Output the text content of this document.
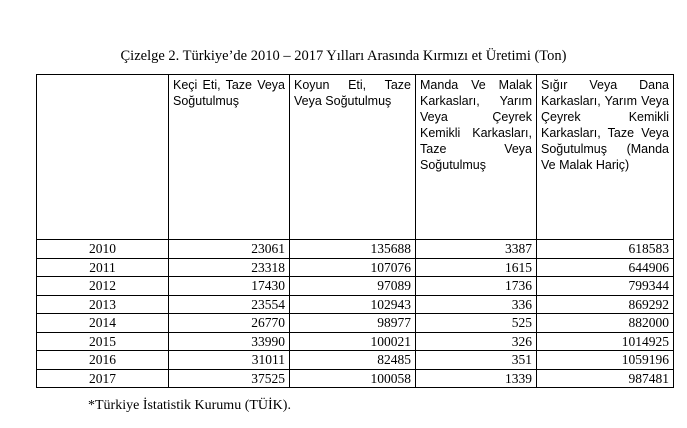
Çizelge 2. Türkiye’de 2010 – 2017 Yılları Arasında Kırmızı et Üretimi (Ton)
	Keçi Eti, Taze Veya Soğutulmuş	Koyun Eti, Taze Veya Soğutulmuş	Manda Ve Malak Karkasları, Yarım Veya Çeyrek Kemikli Karkasları, Taze Veya Soğutulmuş	Sığır Veya Dana Karkasları, Yarım Veya Çeyrek Kemikli Karkasları, Taze Veya Soğutulmuş (Manda Ve Malak Hariç)
2010	23061	135688	3387	618583
2011	23318	107076	1615	644906
2012	17430	97089	1736	799344
2013	23554	102943	336	869292
2014	26770	98977	525	882000
2015	33990	100021	326	1014925
2016	31011	82485	351	1059196
2017	37525	100058	1339	987481
*Türkiye İstatistik Kurumu (TÜİK).
